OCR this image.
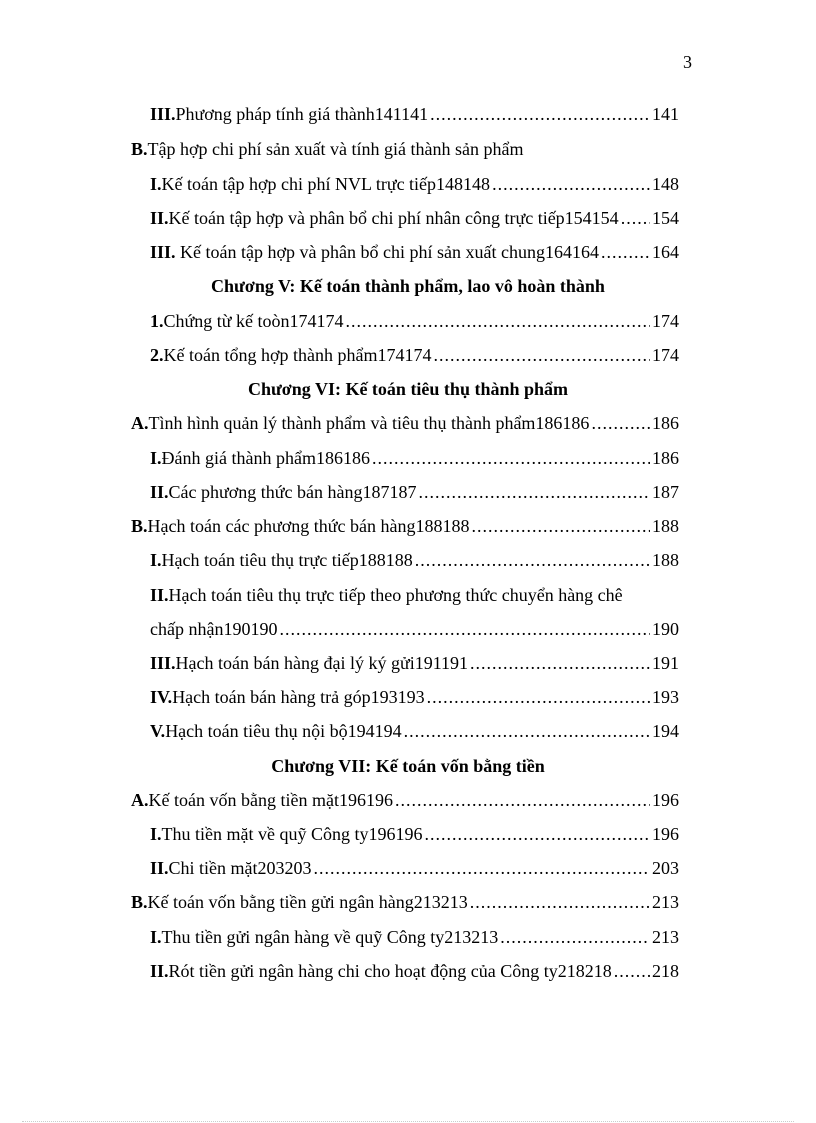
3
III. Phương pháp tính giá thành141141 .....	141
B.Tập hợp chi phí sản xuất và tính giá thành sản phẩm
I. Kế toán tập hợp chi phí NVL trực tiếp148148 .....	148
II. Kế toán tập hợp và phân bổ chi phí nhân công trực tiếp154154 ..... 154
III. Kế toán tập hợp và phân bổ chi phí sản xuất chung164164 .....	164
Chương V: Kế toán thành phẩm, lao vô hoàn thành
1. Chứng từ kế toòn174174 .....	174
2. Kế toán tổng hợp thành phẩm174174 .....	174
Chương VI: Kế toán tiêu thụ thành phẩm
A. Tình hình quản lý thành phẩm và tiêu thụ thành phẩm186186 .....	186
I. Đánh giá thành phẩm186186 .....	186
II. Các phương thức bán hàng187187 .....	187
B. Hạch toán các phương thức bán hàng188188 .....	188
I. Hạch toán tiêu thụ trực tiếp188188 .....	188
II.Hạch toán tiêu thụ trực tiếp theo phương thức chuyển hàng chê
chấp nhận190190 .....	190
III. Hạch toán bán hàng đại lý ký gửi191191 .....	191
IV. Hạch toán bán hàng trả góp193193 .....	193
V. Hạch toán tiêu thụ nội bộ194194 .....	194
Chương VII: Kế toán vốn bằng tiền
A. Kế toán vốn bằng tiền mặt196196 .....	196
I. Thu tiền mặt về quỹ Công ty196196 .....	196
II. Chi tiền mặt203203 .....	203
B. Kế toán vốn bằng tiền gửi ngân hàng213213 .....	213
I. Thu tiền gửi ngân hàng về quỹ Công ty213213 .....	213
II. Rót tiền gửi ngân hàng chi cho hoạt động của Công ty218218 ..... 218
